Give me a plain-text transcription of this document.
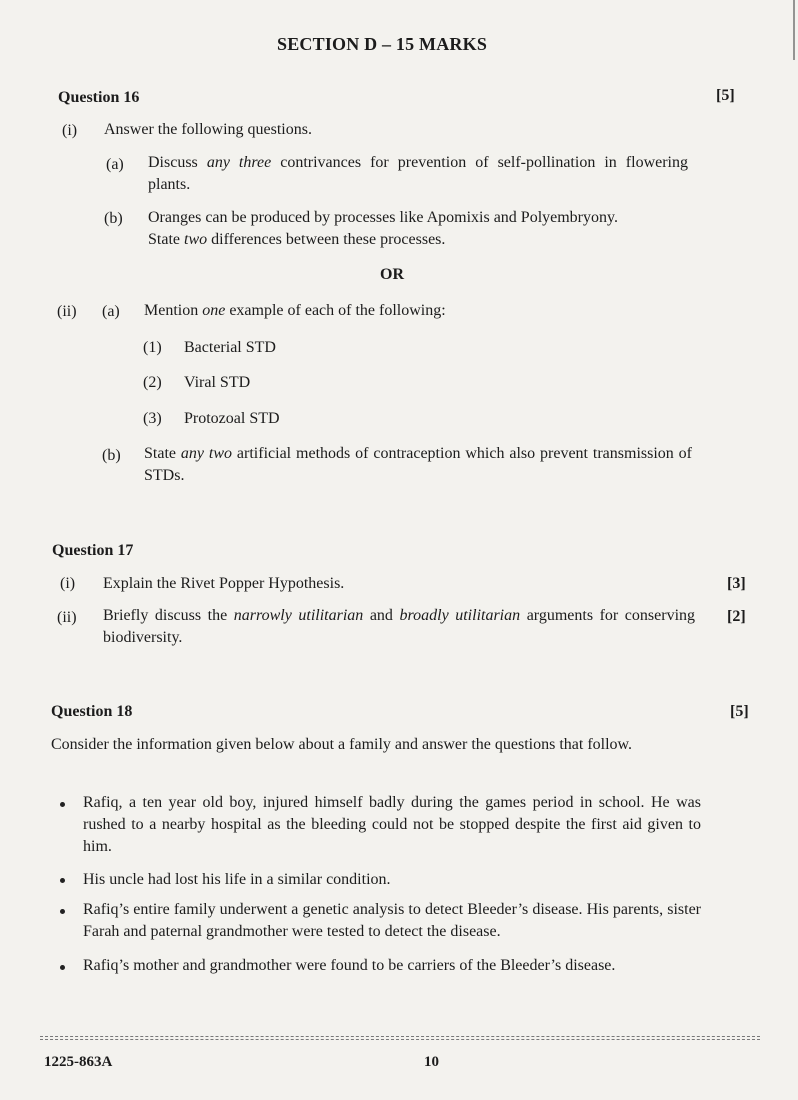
SECTION D – 15 MARKS
Question 16	[5]
(i) Answer the following questions.
(a) Discuss any three contrivances for prevention of self-pollination in flowering plants.
(b) Oranges can be produced by processes like Apomixis and Polyembryony.
State two differences between these processes.
OR
(ii) (a) Mention one example of each of the following:
(1) Bacterial STD
(2) Viral STD
(3) Protozoal STD
(b) State any two artificial methods of contraception which also prevent transmission of STDs.
Question 17
(i) Explain the Rivet Popper Hypothesis.	[3]
(ii) Briefly discuss the narrowly utilitarian and broadly utilitarian arguments for conserving biodiversity.
[2]
Question 18	[5]
Consider the information given below about a family and answer the questions that follow.
Rafiq, a ten year old boy, injured himself badly during the games period in school. He was rushed to a nearby hospital as the bleeding could not be stopped despite the first aid given to him.
His uncle had lost his life in a similar condition.
Rafiq’s entire family underwent a genetic analysis to detect Bleeder’s disease. His parents, sister Farah and paternal grandmother were tested to detect the disease.
Rafiq’s mother and grandmother were found to be carriers of the Bleeder’s disease.
1225-863A	10
